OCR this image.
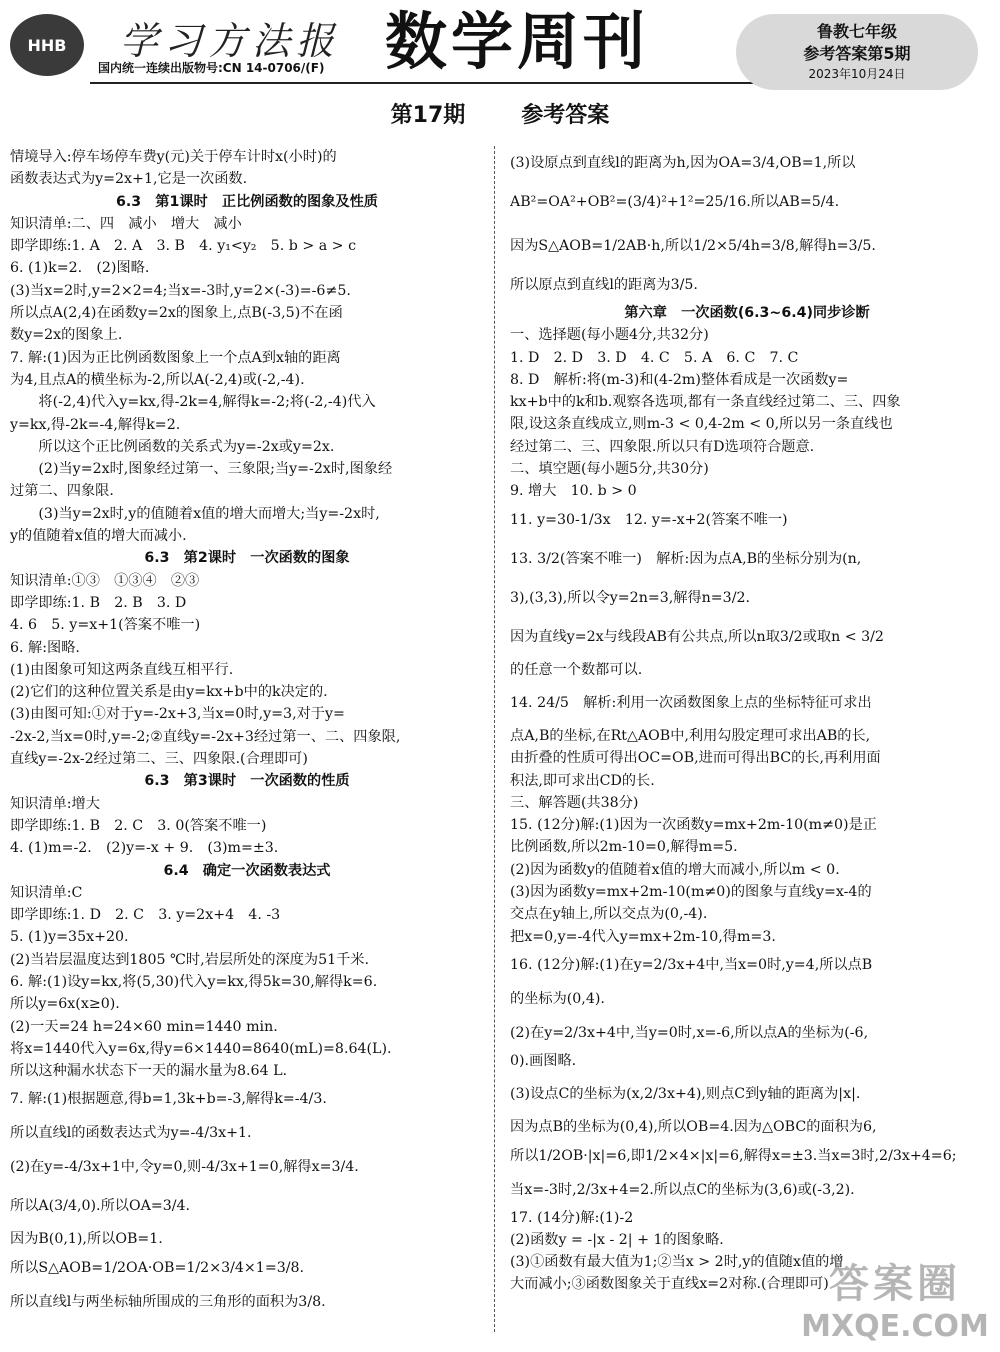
HHB	学习方法报
国内统一连续出版物号:CN 14-0706/(F) 数学周刊	鲁教七年级
参考答案第5期
2023年10月24日
第17期	参考答案
情境导入:停车场停车费y(元)关于停车计时x(小时)的
函数表达式为y=2x+1,它是一次函数.
6.3　第1课时　正比例函数的图象及性质
知识清单:二、四　减小　增大　减小
即学即练:1. A　2. A　3. B　4. y₁<y₂　5. b > a > c
6. (1)k=2.　(2)图略.
(3)当x=2时,y=2×2=4;当x=-3时,y=2×(-3)=-6≠5.
所以点A(2,4)在函数y=2x的图象上,点B(-3,5)不在函
数y=2x的图象上.
7. 解:(1)因为正比例函数图象上一个点A到x轴的距离
为4,且点A的横坐标为-2,所以A(-2,4)或(-2,-4).
将(-2,4)代入y=kx,得-2k=4,解得k=-2;将(-2,-4)代入
y=kx,得-2k=-4,解得k=2.
所以这个正比例函数的关系式为y=-2x或y=2x.
(2)当y=2x时,图象经过第一、三象限;当y=-2x时,图象经
过第二、四象限.
(3)当y=2x时,y的值随着x值的增大而增大;当y=-2x时,
y的值随着x值的增大而减小.
6.3　第2课时　一次函数的图象
知识清单:①③　①③④　②③
即学即练:1. B　2. B　3. D
4. 6　5. y=x+1(答案不唯一)
6. 解:图略.
(1)由图象可知这两条直线互相平行.
(2)它们的这种位置关系是由y=kx+b中的k决定的.
(3)由图可知:①对于y=-2x+3,当x=0时,y=3,对于y=
-2x-2,当x=0时,y=-2;②直线y=-2x+3经过第一、二、四象限,
直线y=-2x-2经过第二、三、四象限.(合理即可)
6.3　第3课时　一次函数的性质
知识清单:增大
即学即练:1. B　2. C　3. 0(答案不唯一)
4. (1)m=-2.　(2)y=-x + 9.　(3)m=±3.
6.4　确定一次函数表达式
知识清单:C
即学即练:1. D　2. C　3. y=2x+4　4. -3
5. (1)y=35x+20.
(2)当岩层温度达到1805 ℃时,岩层所处的深度为51千米.
6. 解:(1)设y=kx,将(5,30)代入y=kx,得5k=30,解得k=6.
所以y=6x(x≥0).
(2)一天=24 h=24×60 min=1440 min.
将x=1440代入y=6x,得y=6×1440=8640(mL)=8.64(L).
所以这种漏水状态下一天的漏水量为8.64 L.
7. 解:(1)根据题意,得b=1,3k+b=-3,解得k=-4/3.
所以直线l的函数表达式为y=-4/3x+1.
(2)在y=-4/3x+1中,令y=0,则-4/3x+1=0,解得x=3/4.
所以A(3/4,0).所以OA=3/4.
因为B(0,1),所以OB=1.
所以S△AOB=1/2OA·OB=1/2×3/4×1=3/8.
所以直线l与两坐标轴所围成的三角形的面积为3/8.
(3)设原点到直线l的距离为h,因为OA=3/4,OB=1,所以
AB²=OA²+OB²=(3/4)²+1²=25/16.所以AB=5/4.
因为S△AOB=1/2AB·h,所以1/2×5/4h=3/8,解得h=3/5.
所以原点到直线l的距离为3/5.
第六章　一次函数(6.3~6.4)同步诊断
一、选择题(每小题4分,共32分)
1. D　2. D　3. D　4. C　5. A　6. C　7. C
8. D　解析:将(m-3)和(4-2m)整体看成是一次函数y=
kx+b中的k和b.观察各选项,都有一条直线经过第二、三、四象
限,设这条直线成立,则m-3 < 0,4-2m < 0,所以另一条直线也
经过第二、三、四象限.所以只有D选项符合题意.
二、填空题(每小题5分,共30分)
9. 增大　10. b > 0
11. y=30-1/3x　12. y=-x+2(答案不唯一)
13. 3/2(答案不唯一)　解析:因为点A,B的坐标分别为(n,
3),(3,3),所以令y=2n=3,解得n=3/2.
因为直线y=2x与线段AB有公共点,所以n取3/2或取n < 3/2
的任意一个数都可以.
14. 24/5　解析:利用一次函数图象上点的坐标特征可求出
点A,B的坐标,在Rt△AOB中,利用勾股定理可求出AB的长,
由折叠的性质可得出OC=OB,进而可得出BC的长,再利用面
积法,即可求出CD的长.
三、解答题(共38分)
15. (12分)解:(1)因为一次函数y=mx+2m-10(m≠0)是正
比例函数,所以2m-10=0,解得m=5.
(2)因为函数y的值随着x值的增大而减小,所以m < 0.
(3)因为函数y=mx+2m-10(m≠0)的图象与直线y=x-4的
交点在y轴上,所以交点为(0,-4).
把x=0,y=-4代入y=mx+2m-10,得m=3.
16. (12分)解:(1)在y=2/3x+4中,当x=0时,y=4,所以点B
的坐标为(0,4).
(2)在y=2/3x+4中,当y=0时,x=-6,所以点A的坐标为(-6,
0).画图略.
(3)设点C的坐标为(x,2/3x+4),则点C到y轴的距离为|x|.
因为点B的坐标为(0,4),所以OB=4.因为△OBC的面积为6,
所以1/2OB·|x|=6,即1/2×4×|x|=6,解得x=±3.当x=3时,2/3x+4=6;
当x=-3时,2/3x+4=2.所以点C的坐标为(3,6)或(-3,2).
17. (14分)解:(1)-2
(2)函数y = -|x - 2| + 1的图象略.
(3)①函数有最大值为1;②当x > 2时,y的值随x值的增
大而减小;③函数图象关于直线x=2对称.(合理即可) 答案圈
MXQE.COM
